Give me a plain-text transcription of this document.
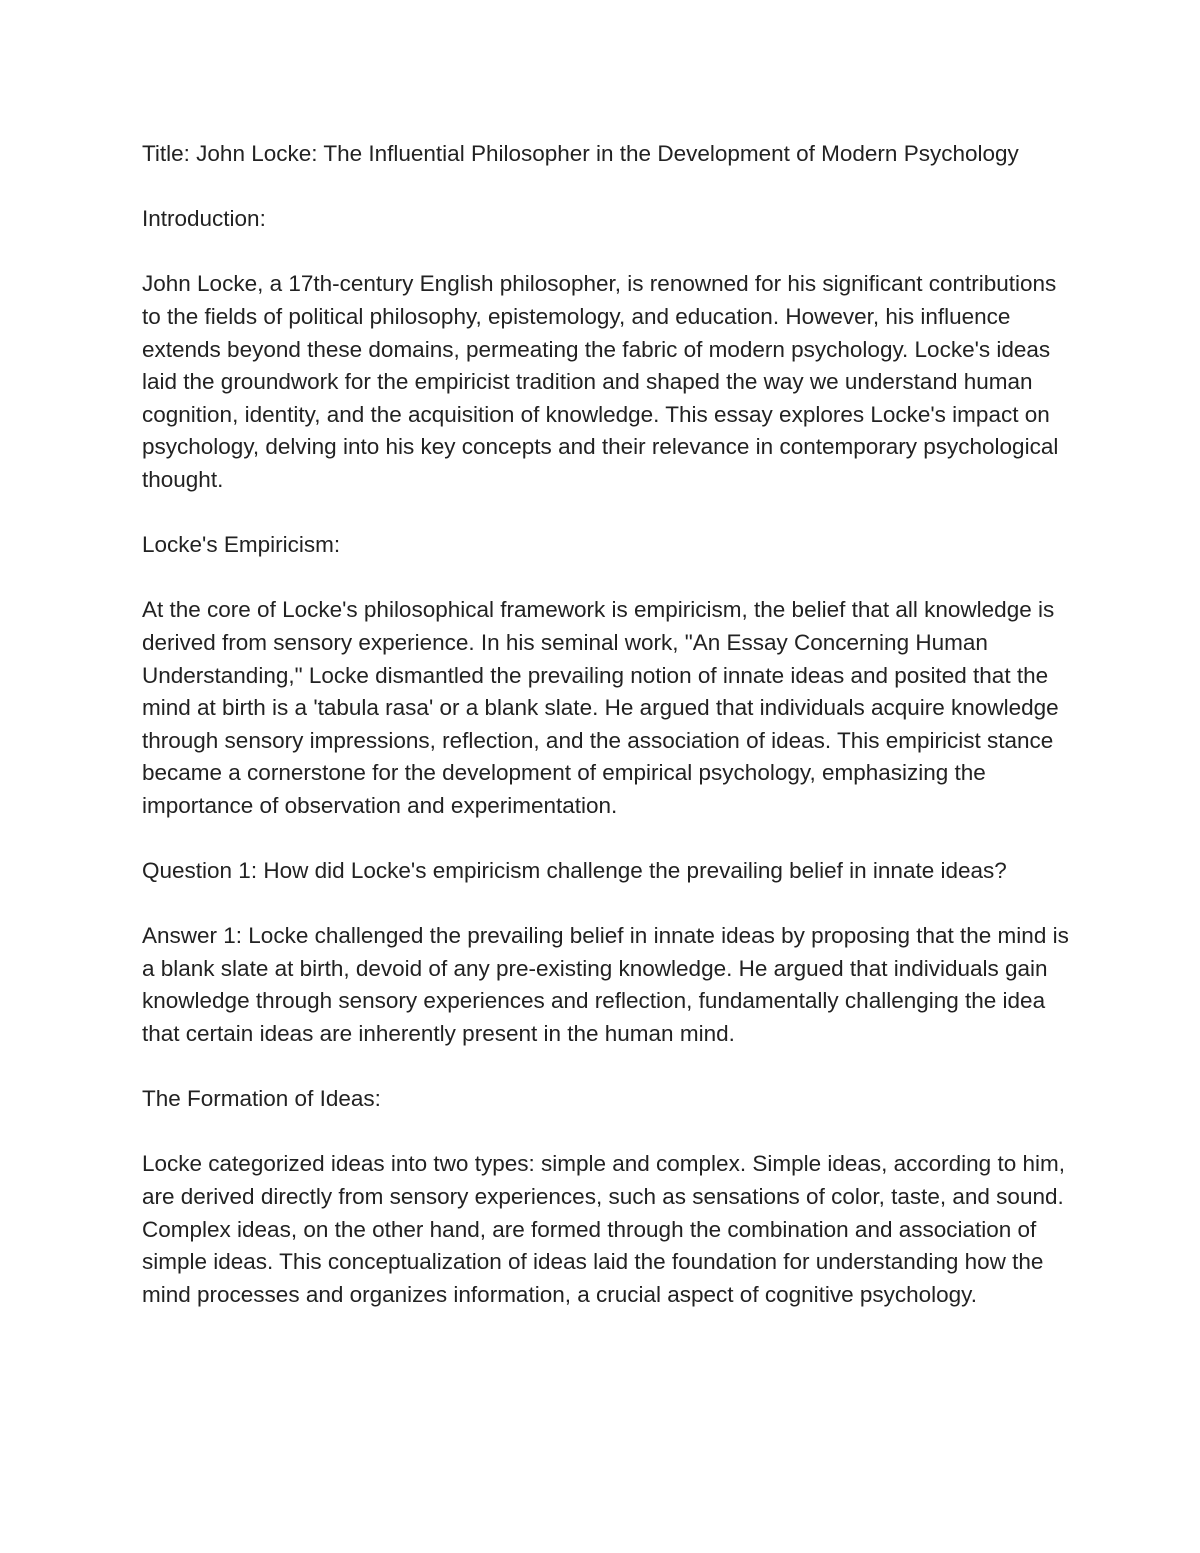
Title: John Locke: The Influential Philosopher in the Development of Modern Psychology

Introduction:

John Locke, a 17th-century English philosopher, is renowned for his significant contributions to the fields of political philosophy, epistemology, and education. However, his influence extends beyond these domains, permeating the fabric of modern psychology. Locke's ideas laid the groundwork for the empiricist tradition and shaped the way we understand human cognition, identity, and the acquisition of knowledge. This essay explores Locke's impact on psychology, delving into his key concepts and their relevance in contemporary psychological thought.

Locke's Empiricism:

At the core of Locke's philosophical framework is empiricism, the belief that all knowledge is derived from sensory experience. In his seminal work, "An Essay Concerning Human Understanding," Locke dismantled the prevailing notion of innate ideas and posited that the mind at birth is a 'tabula rasa' or a blank slate. He argued that individuals acquire knowledge through sensory impressions, reflection, and the association of ideas. This empiricist stance became a cornerstone for the development of empirical psychology, emphasizing the importance of observation and experimentation.

Question 1: How did Locke's empiricism challenge the prevailing belief in innate ideas?

Answer 1: Locke challenged the prevailing belief in innate ideas by proposing that the mind is a blank slate at birth, devoid of any pre-existing knowledge. He argued that individuals gain knowledge through sensory experiences and reflection, fundamentally challenging the idea that certain ideas are inherently present in the human mind.

The Formation of Ideas:

Locke categorized ideas into two types: simple and complex. Simple ideas, according to him, are derived directly from sensory experiences, such as sensations of color, taste, and sound. Complex ideas, on the other hand, are formed through the combination and association of simple ideas. This conceptualization of ideas laid the foundation for understanding how the mind processes and organizes information, a crucial aspect of cognitive psychology.
